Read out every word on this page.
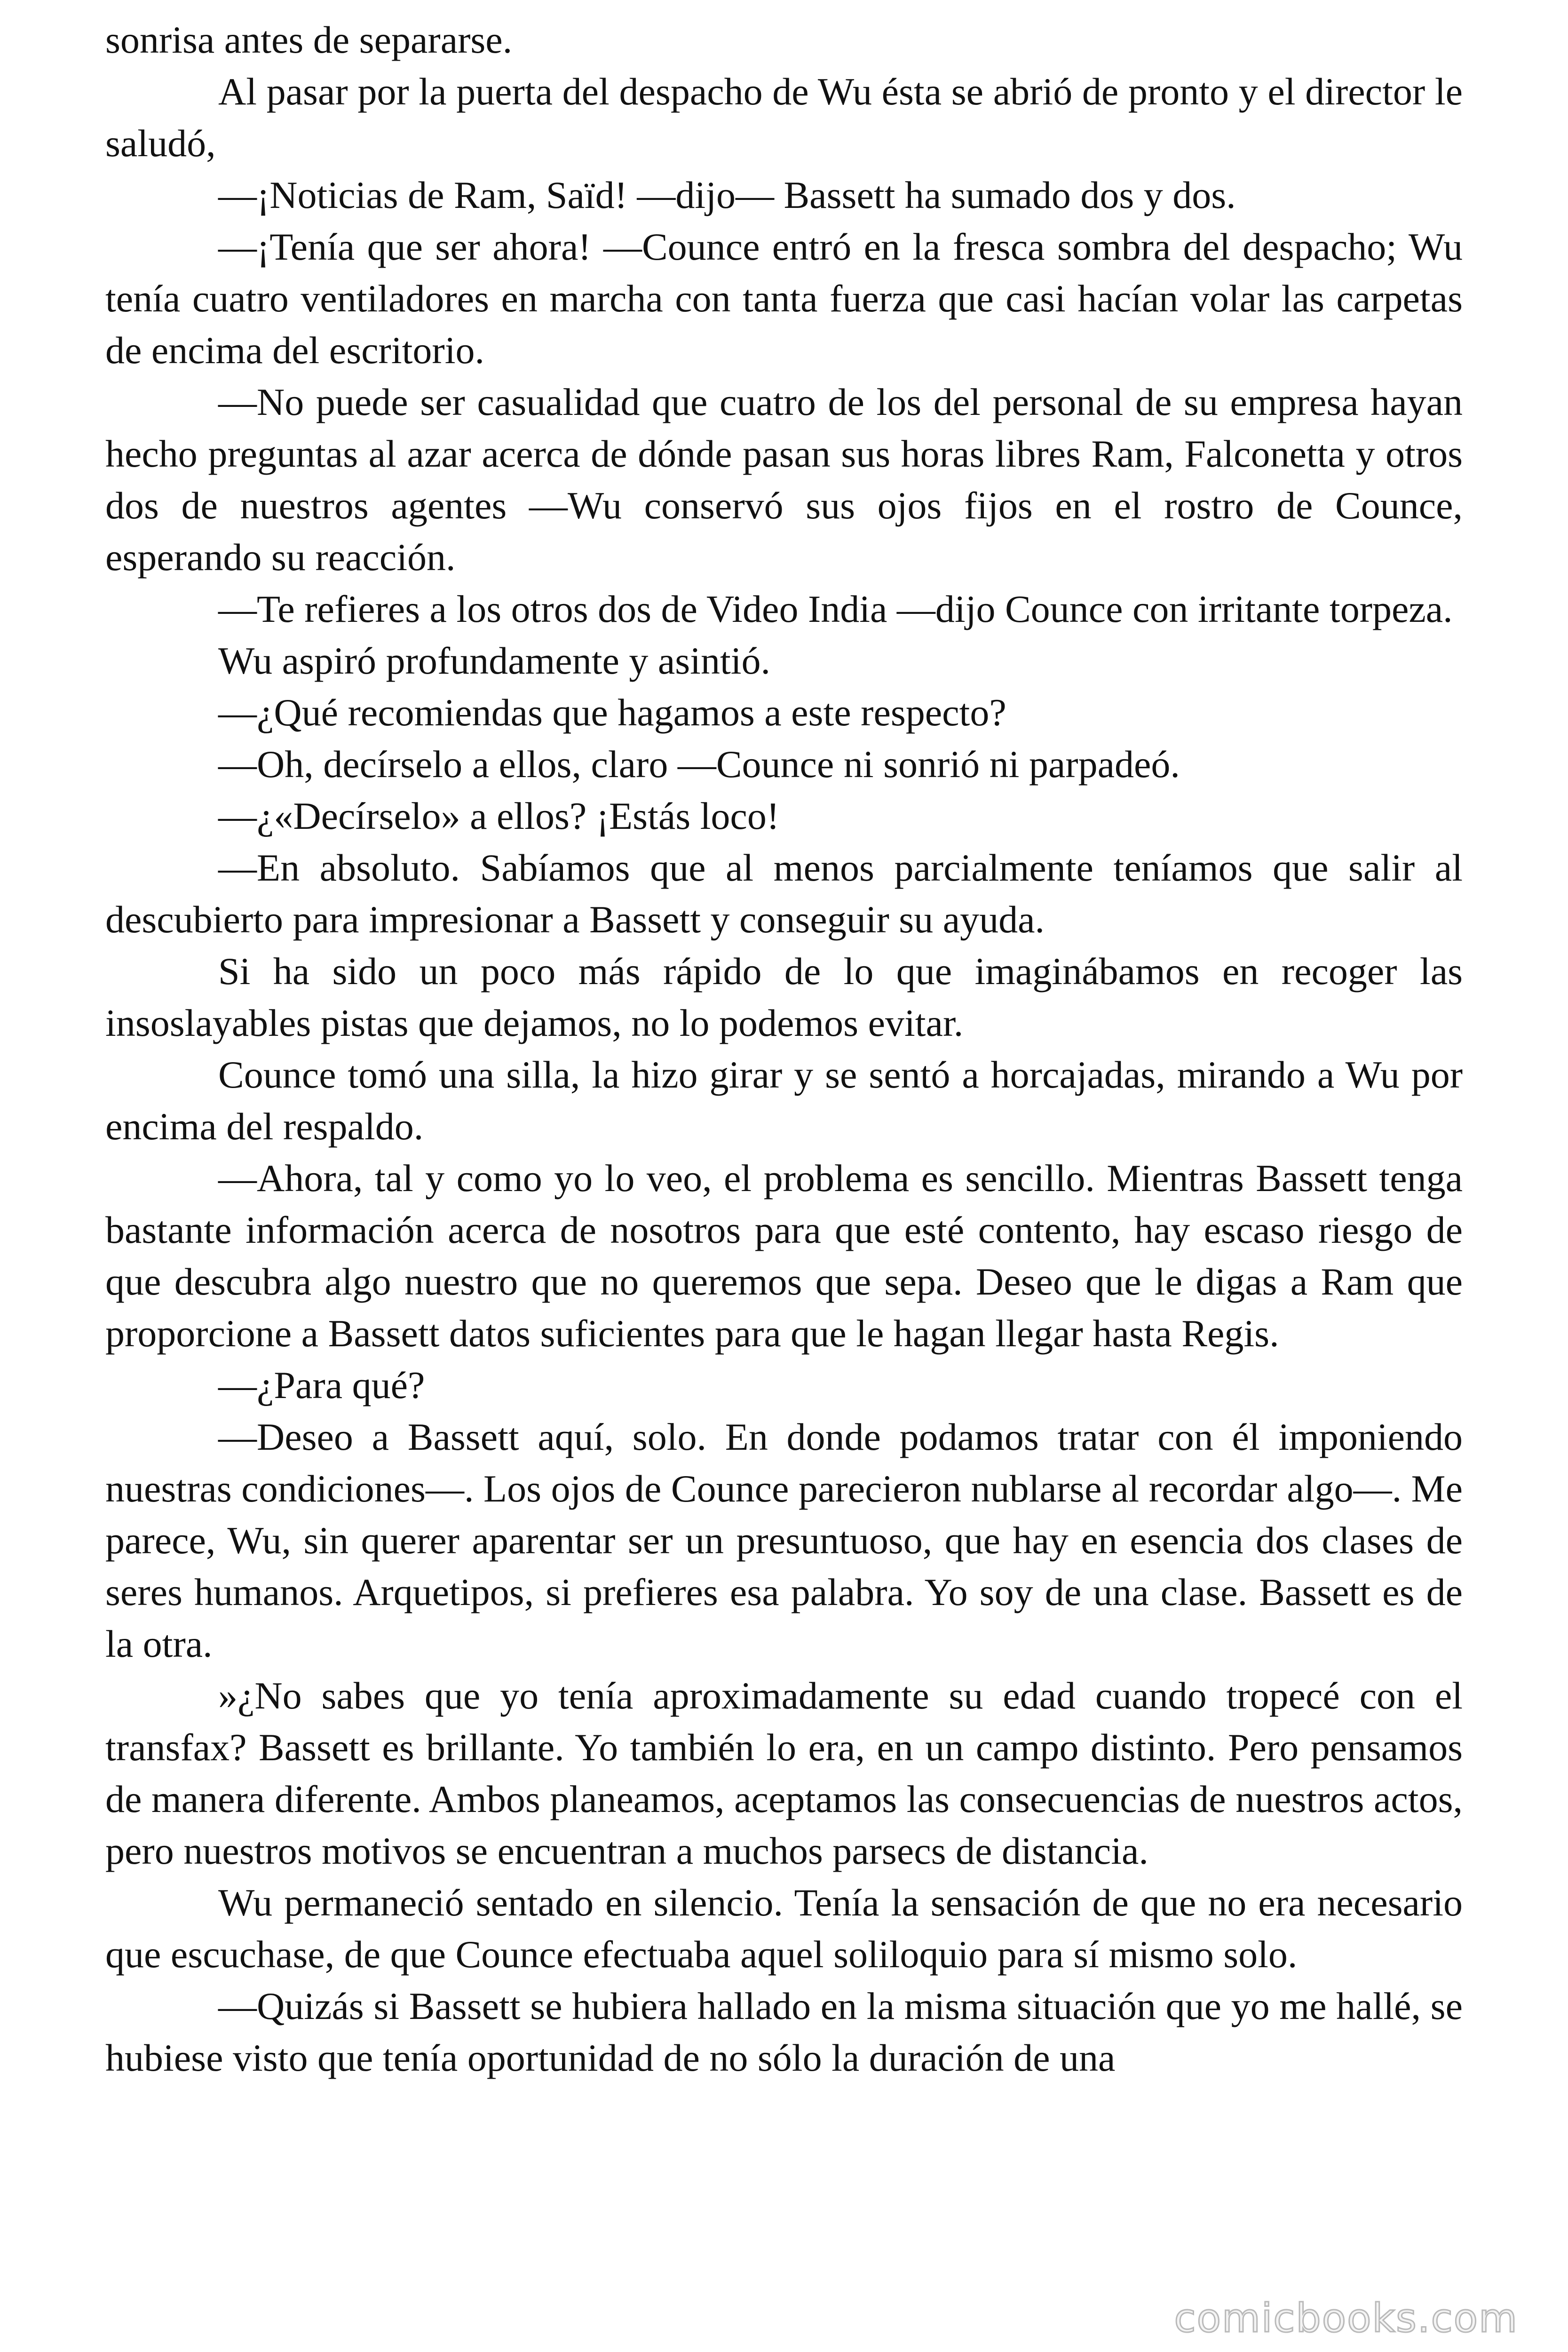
sonrisa antes de separarse.

Al pasar por la puerta del despacho de Wu ésta se abrió de pronto y el director le saludó,

—¡Noticias de Ram, Saïd! —dijo— Bassett ha sumado dos y dos.

—¡Tenía que ser ahora! —Counce entró en la fresca sombra del despacho; Wu tenía cuatro ventiladores en marcha con tanta fuerza que casi hacían volar las carpetas de encima del escritorio.

—No puede ser casualidad que cuatro de los del personal de su empresa hayan hecho preguntas al azar acerca de dónde pasan sus horas libres Ram, Falconetta y otros dos de nuestros agentes —Wu conservó sus ojos fijos en el rostro de Counce, esperando su reacción.

—Te refieres a los otros dos de Video India —dijo Counce con irritante torpeza.

Wu aspiró profundamente y asintió.

—¿Qué recomiendas que hagamos a este respecto?

—Oh, decírselo a ellos, claro —Counce ni sonrió ni parpadeó.

—¿«Decírselo» a ellos? ¡Estás loco!

—En absoluto. Sabíamos que al menos parcialmente teníamos que salir al descubierto para impresionar a Bassett y conseguir su ayuda.

Si ha sido un poco más rápido de lo que imaginábamos en recoger las insoslayables pistas que dejamos, no lo podemos evitar.

Counce tomó una silla, la hizo girar y se sentó a horcajadas, mirando a Wu por encima del respaldo.

—Ahora, tal y como yo lo veo, el problema es sencillo. Mientras Bassett tenga bastante información acerca de nosotros para que esté contento, hay escaso riesgo de que descubra algo nuestro que no queremos que sepa. Deseo que le digas a Ram que proporcione a Bassett datos suficientes para que le hagan llegar hasta Regis.

—¿Para qué?

—Deseo a Bassett aquí, solo. En donde podamos tratar con él imponiendo nuestras condiciones—. Los ojos de Counce parecieron nublarse al recordar algo—. Me parece, Wu, sin querer aparentar ser un presuntuoso, que hay en esencia dos clases de seres humanos. Arquetipos, si prefieres esa palabra. Yo soy de una clase. Bassett es de la otra.

»¿No sabes que yo tenía aproximadamente su edad cuando tropecé con el transfax? Bassett es brillante. Yo también lo era, en un campo distinto. Pero pensamos de manera diferente. Ambos planeamos, aceptamos las consecuencias de nuestros actos, pero nuestros motivos se encuentran a muchos parsecs de distancia.

Wu permaneció sentado en silencio. Tenía la sensación de que no era necesario que escuchase, de que Counce efectuaba aquel soliloquio para sí mismo solo.

—Quizás si Bassett se hubiera hallado en la misma situación que yo me hallé, se hubiese visto que tenía oportunidad de no sólo la duración de una

comicbooks.com
